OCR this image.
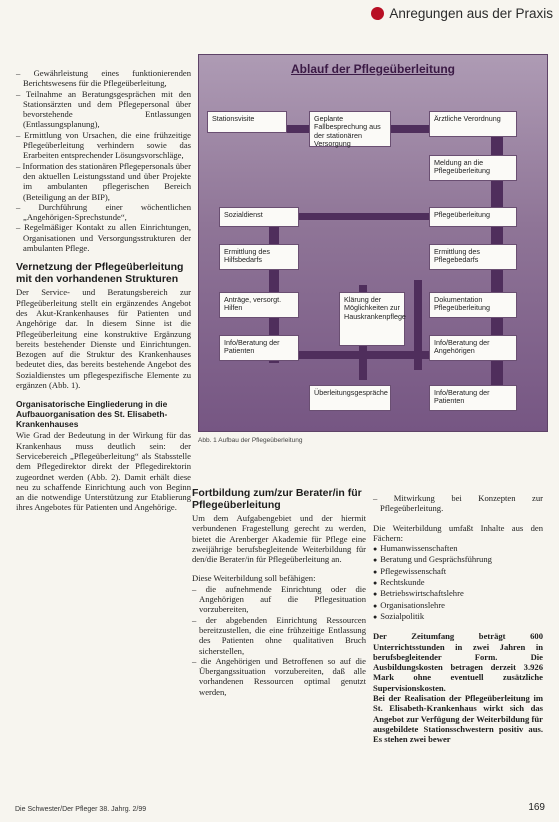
Anregungen aus der Praxis

– Gewährleistung eines funktionierenden Berichtswesens für die Pflegeüberleitung,

– Teilnahme an Beratungsgesprächen mit den Stationsärzten und dem Pflegepersonal über bevorstehende Entlassungen (Entlassungsplanung),

– Ermittlung von Ursachen, die eine frühzeitige Pflegeüberleitung verhindern sowie das Erarbeiten entsprechender Lösungsvorschläge,

– Information des stationären Pflegepersonals über den aktuellen Leistungsstand und über Projekte im ambulanten pflegerischen Bereich (Beteiligung an der BIP),

– Durchführung einer wöchentlichen „Angehörigen-Sprechstunde“,

– Regelmäßiger Kontakt zu allen Einrichtungen, Organisationen und Versorgungsstrukturen der ambulanten Pflege.

Vernetzung der Pflegeüberleitung mit den vorhandenen Strukturen

Der Service- und Beratungsbereich zur Pflegeüberleitung stellt ein ergänzendes Angebot des Akut-Krankenhauses für Patienten und Angehörige dar. In diesem Sinne ist die Pflegeüberleitung eine konstruktive Ergänzung bereits bestehender Dienste und Einrichtungen. Bezogen auf die Struktur des Krankenhauses bedeutet dies, das bereits bestehende Angebot des Sozialdienstes um pflegespezifische Elemente zu ergänzen (Abb. 1).

Organisatorische Eingliederung in die Aufbauorganisation des St. Elisabeth-Krankenhauses

Wie Grad der Bedeutung in der Wirkung für das Krankenhaus muss deutlich sein: der Servicebereich „Pflegeüberleitung“ als Stabsstelle dem Pflegedirektor direkt der Pflegedirektorin zugeordnet werden (Abb. 2). Damit erhält diese neu zu schaffende Einrichtung auch von Beginn an die notwendige Unterstützung zur Etablierung ihres Angebotes für Patienten und Angehörige.

Ablauf der Pflegeüberleitung
Stationsvisite	Geplante Fallbesprechung aus der stationären Versorgung
Ärztliche Verordnung
Meldung an die Pflegeüberleitung
Sozialdienst	Pflegeüberleitung
Ermittlung des Hilfsbedarfs
Ermittlung des Pflegebedarfs
Anträge, versorgt. Hilfen
Klärung der Möglichkeiten zur Hauskrankenpflege
Dokumentation Pflegeüberleitung
Info/Beratung der Patienten
Info/Beratung der Angehörigen
Überleitungsgespräche	Info/Beratung der Patienten
Abb. 1 Aufbau der Pflegeüberleitung
Fortbildung zum/zur Berater/in für Pflegeüberleitung

Um dem Aufgabengebiet und der hiermit verbundenen Fragestellung gerecht zu werden, bietet die Arenberger Akademie für Pflege eine zweijährige berufsbegleitende Weiterbildung für den/die Berater/in für Pflegeüberleitung an.

Diese Weiterbildung soll befähigen:

– die aufnehmende Einrichtung oder die Angehörigen auf die Pflegesituation vorzubereiten,

– der abgebenden Einrichtung Ressourcen bereitzustellen, die eine frühzeitige Entlassung des Patienten ohne qualitativen Bruch sicherstellen,

– die Angehörigen und Betroffenen so auf die Übergangssituation vorzubereiten, daß alle vorhandenen Ressourcen optimal genutzt werden,

– Mitwirkung bei Konzepten zur Pflegeüberleitung.

Die Weiterbildung umfaßt Inhalte aus den Fächern:

● Humanwissenschaften

● Beratung und Gesprächsführung

● Pflegewissenschaft

● Rechtskunde

● Betriebswirtschaftslehre

● Organisationslehre

● Sozialpolitik

Der Zeitumfang beträgt 600 Unterrichtsstunden in zwei Jahren in berufsbegleitender Form. Die Ausbildungskosten betragen derzeit 3.926 Mark ohne eventuell zusätzliche Supervisionskosten.

Bei der Realisation der Pflegeüberleitung im St. Elisabeth-Krankenhaus wirkt sich das Angebot zur Verfügung der Weiterbildung für ausgebildete Stationsschwestern positiv aus. Es stehen zwei bewer

Die Schwester/Der Pfleger 38. Jahrg. 2/99	169
